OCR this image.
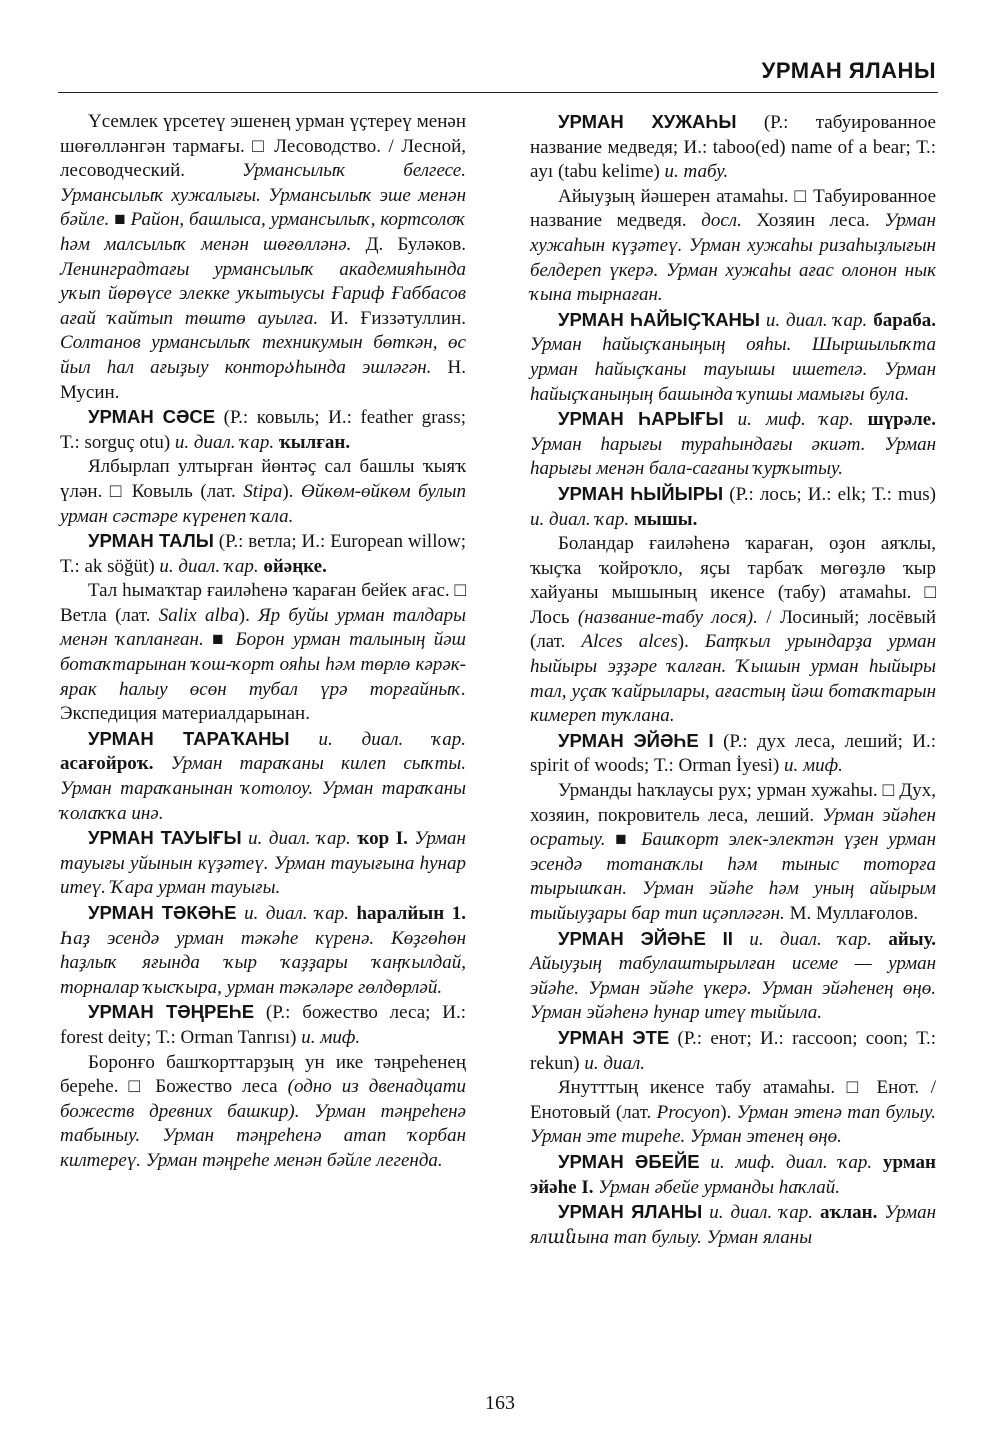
УРМАН ЯЛАНЫ

Үсемлек үрсетеү эшенең урман үҫтереү менән шөғөлләнгән тармағы. □ Лесоводство. / Лесной, лесоводческий. Урмансылыҡ белгесе. Урмансылыҡ хужалығы. Урмансылыҡ эше менән бәйле. ■ Район, башлыса, урмансылыҡ, кортсолоҡ һәм малсылыҡ менән шөғөлләнә. Д. Буләков. Ленинградтағы урмансылыҡ академияһында уҡып йөрөүсе элекке уҡытыусы Ғариф Ғаббасов ағай ҡайтып төштө ауылға. И. Ғиззәтуллин. Солтанов урмансылыҡ техникумын бөткән, өс йыл һал ағыҙыу конторაһында эшләгән. Н. Мусин.

УРМАН СӘСЕ (Р.: ковыль; И.: feather grass; Т.: sorguç otu) и. диал. ҡар. ҡылған.

Ялбырлап ултырған йөнтәҫ сал башлы ҡыяҡ үлән. □ Ковыль (лат. Stipa). Өйкөм-өйкөм булып урман сәстәре күренеп ҡала.

УРМАН ТАЛЫ (Р.: ветла; И.: European willow; Т.: ak söğüt) и. диал. ҡар. өйәңке.

Тал һымаҡтар ғаиләһенә ҡараған бейек ағас. □ Ветла (лат. Salix alba). Яр буйы урман талдары менән ҡапланған. ■ Борон урман талының йәш ботаҡтарынан ҡош-ҡорт ояһы һәм төрлө кәрәк-ярак һалыу өсөн тубал үрә торғайныҡ. Экспедиция материалдарынан.

УРМАН ТАРАҠАНЫ и. диал. ҡар. асағойроҡ. Урман тараҡаны килеп сыҡты. Урман тараҡанынан ҡотолоу. Урман тараҡаны ҡолаҡҡа инә.

УРМАН ТАУЫҒЫ и. диал. ҡар. ҡор I. Урман тауығы уйынын күҙәтеү. Урман тауығына һунар итеү. Ҡара урман тауығы.

УРМАН ТӘКӘҺЕ и. диал. ҡар. һаралйын 1. Һаҙ эсендә урман тәкәһе күренә. Көҙгөһөн һаҙлыҡ яғында ҡыр ҡаҙҙары ҡаңҡылдай, торналар ҡысҡыра, урман тәкәләре гөлдөрләй.

УРМАН ТӘҢРЕҺЕ (Р.: божество леса; И.: forest deity; Т.: Orman Tanrısı) и. миф.

Боронғо башҡорттарҙың ун ике тәңреһенең береһе. □ Божество леса (одно из двенадцати божеств древних башкир). Урман тәңреһенә табыныу. Урман тәңреһенә атап ҡорбан килтереү. Урман тәңреһе менән бәйле легенда.

УРМАН ХУЖАҺЫ (Р.: табуированное название медведя; И.: taboo(ed) name of a bear; Т.: ayı (tabu kelime) и. табу.

Айыуҙың йәшерен атамаһы. □ Табуированное название медведя. досл. Хозяин леса. Урман хужаһын күҙәтеү. Урман хужаһы ризаһыҙлығын белдереп үкерә. Урман хужаһы ағас олонон нык ҡына тырнаған.

УРМАН ҺАЙЫҪҠАНЫ и. диал. ҡар. бараба. Урман һайыҫҡаныңың ояһы. Шыршылыҡта урман һайыҫҡаны тауышы ишетелә. Урман һайыҫҡаныңың башында ҡупшы мамығы була.

УРМАН ҺАРЫҒЫ и. миф. ҡар. шүрәле. Урман һарығы тураһындағы әкиәт. Урман һарығы менән бала-сағаны ҡурҡытыу.

УРМАН ҺЫЙЫРЫ (Р.: лось; И.: elk; Т.: mus) и. диал. ҡар. мышы.

Боландар ғаиләһенә ҡараған, оҙон аяҡлы, ҡыҫҡа ҡойроҡло, яҫы тарбаҡ мөгөҙлө ҡыр хайуаны мышының икенсе (табу) атамаһы. □ Лось (название-табу лося). / Лосиный; лосёвый (лат. Alces alces). Баҭҡыл урындарҙа урман һыйыры эҙҙәре ҡалған. Ҡышын урман һыйыры тал, уҫаҡ ҡайрылары, ағастың йәш ботаҡтарын кимереп туҡлана.

УРМАН ЭЙӘҺЕ I (Р.: дух леса, леший; И.: spirit of woods; Т.: Orman İyesi) и. миф.

Урманды һаҡлаусы рух; урман хужаһы. □ Дух, хозяин, покровитель леса, леший. Урман эйәһен осратыу. ■ Башҡорт элек-электән үҙен урман эсендә тотанаҡлы һәм тыныс тоторға тырышҡан. Урман эйәһе һәм уның айырым тыйыуҙары бар тип иҫәпләгән. М. Муллағолов.

УРМАН ЭЙӘҺЕ II и. диал. ҡар. айыу. Айыуҙың табулаштырылған исеме — урман эйәһе. Урман эйәһе үкерә. Урман эйәһенең өңө. Урман эйәһенә һунар итеү тыйыла.

УРМАН ЭТЕ (Р.: енот; И.: raccoon; coon; Т.: rekun) и. диал.

Янутттың икенсе табу атамаһы. □ Енот. / Енотовый (лат. Procyon). Урман этенә тап булыу. Урман эте тиреһе. Урман этенең өңө.

УРМАН ӘБЕЙЕ и. миф. диал. ҡар. урман эйәһе I. Урман әбейе урманды һаҡлай.

УРМАН ЯЛАНЫ и. диал. ҡар. аҡлан. Урман ялանына тап булыу. Урман яланы

163
